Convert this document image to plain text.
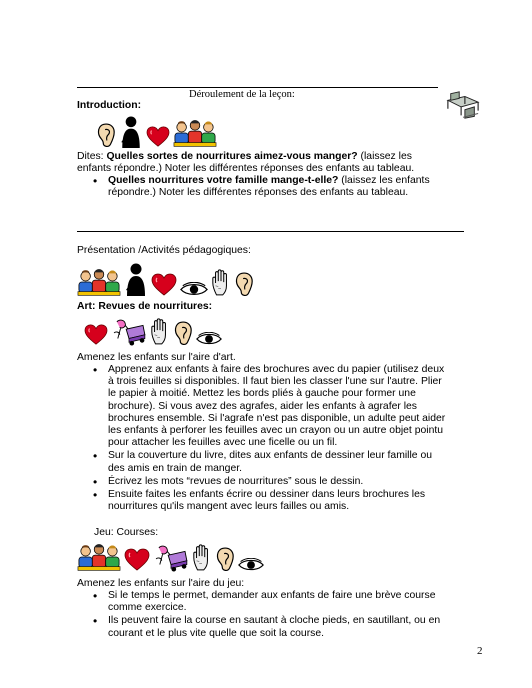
Déroulement de la leçon:
Introduction:
Dites: Quelles sortes de nourritures aimez-vous manger? (laissez les enfants répondre.) Noter les différentes réponses des enfants au tableau.
• Quelles nourritures votre famille mange-t-elle? (laissez les enfants répondre.) Noter les différentes réponses des enfants au tableau.
Présentation /Activités pédagogiques:
Art: Revues de nourritures:
Amenez les enfants sur l'aire d'art.
• Apprenez aux enfants à faire des brochures avec du papier (utilisez deux à trois feuilles si disponibles. Il faut bien les classer l'une sur l'autre. Plier le papier à moitié. Mettez les bords pliés à gauche pour former une brochure). Si vous avez des agrafes, aider les enfants à agrafer les brochures ensemble. Si l'agrafe n'est pas disponible, un adulte peut aider les enfants à perforer les feuilles avec un crayon ou un autre objet pointu pour attacher les feuilles avec une ficelle ou un fil.
• Sur la couverture du livre, dites aux enfants de dessiner leur famille ou des amis en train de manger.
• Écrivez les mots “revues de nourritures” sous le dessin.
• Ensuite faites les enfants écrire ou dessiner dans leurs brochures les nourritures qu'ils mangent avec leurs failles ou amis.
Jeu: Courses:
Amenez les enfants sur l'aire du jeu:
• Si le temps le permet, demander aux enfants de faire une brève course comme exercice.
• Ils peuvent faire la course en sautant à cloche pieds, en sautillant, ou en courant et le plus vite quelle que soit la course.
2
